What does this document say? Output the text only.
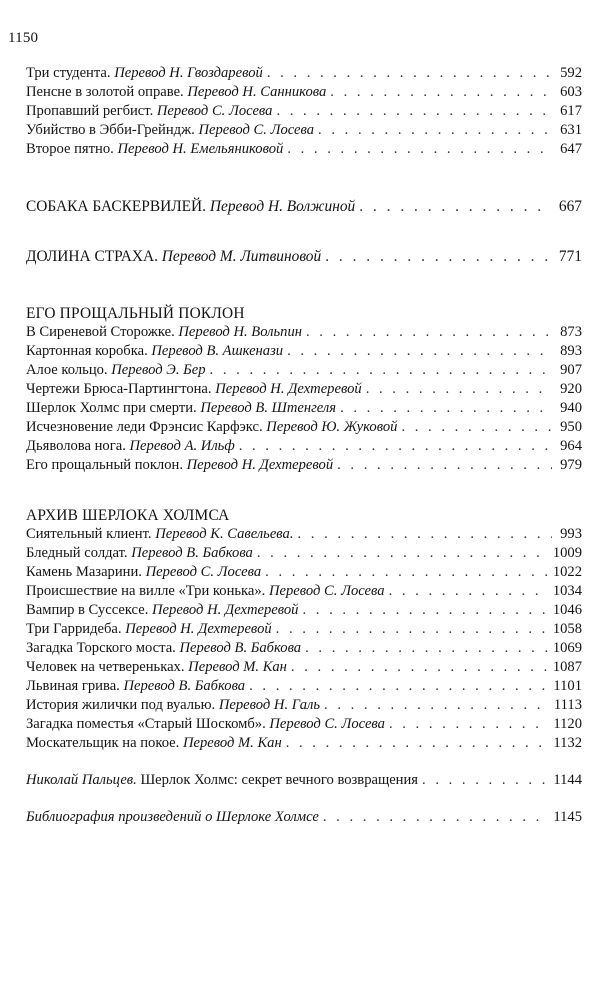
1150
Три студента.
Перевод Н. Гвоздаревой . . .	592
Пенсне в золотой оправе.
Перевод Н. Санникова . . .	603
Пропавший регбист.
Перевод С. Лосева . . .	617
Убийство в Эбби-Грейндж.
Перевод С. Лосева . . .	631
Второе пятно.
Перевод Н. Емельяниковой . . .	647
СОБАКА БАСКЕРВИЛЕЙ.
Перевод Н. Волжиной . . .	667
ДОЛИНА СТРАХА.
Перевод М. Литвиновой . . .	771
ЕГО ПРОЩАЛЬНЫЙ ПОКЛОН
В Сиреневой Сторожке.
Перевод Н. Вольпин . . .	873
Картонная коробка.
Перевод В. Ашкенази . . .	893
Алое кольцо.
Перевод Э. Бер . . .	907
Чертежи Брюса-Партингтона.
Перевод Н. Дехтеревой . . .	920
Шерлок Холмс при смерти.
Перевод В. Штенгеля . . .	940
Исчезновение леди Фрэнсис Карфэкс.
Перевод Ю. Жуковой . . .	950
Дьяволова нога.
Перевод А. Ильф . . .	964
Его прощальный поклон.
Перевод Н. Дехтеревой . . .	979
АРХИВ ШЕРЛОКА ХОЛМСА
Сиятельный клиент.
Перевод К. Савельева. . . .	993
Бледный солдат.
Перевод В. Бабкова . . .	1009
Камень Мазарини.
Перевод С. Лосева . . .	1022
Происшествие на вилле «Три конька».
Перевод С. Лосева . . .	1034
Вампир в Суссексе.
Перевод Н. Дехтеревой . . .	1046
Три Гарридеба.
Перевод Н. Дехтеревой . . .	1058
Загадка Торского моста.
Перевод В. Бабкова . . .	1069
Человек на четвереньках.
Перевод М. Кан . . .	1087
Львиная грива.
Перевод В. Бабкова . . .	1101
История жилички под вуалью.
Перевод Н. Галь . . .	1113
Загадка поместья «Старый Шоскомб».
Перевод С. Лосева . . .	1120
Москательщик на покое.
Перевод М. Кан . . .	1132
Николай Пальцев.
Шерлок Холмс: секрет вечного возвращения . . .	1144
Библиография произведений о Шерлоке Холмсе . . .	1145
